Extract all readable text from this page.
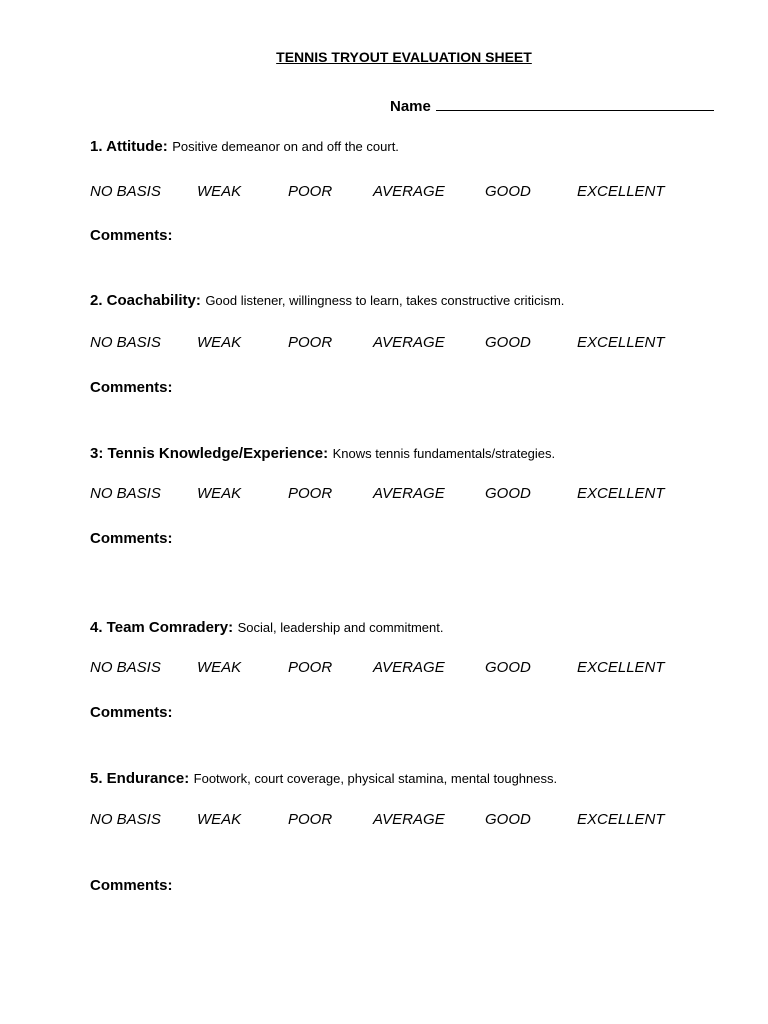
TENNIS TRYOUT EVALUATION SHEET
Name
1. Attitude: Positive demeanor on and off the court.
NO BASIS WEAK	POOR	AVERAGE	GOOD	EXCELLENT
Comments:
2. Coachability: Good listener, willingness to learn, takes constructive criticism.
NO BASIS WEAK	POOR	AVERAGE	GOOD	EXCELLENT
Comments:
3: Tennis Knowledge/Experience: Knows tennis fundamentals/strategies.
NO BASIS WEAK	POOR	AVERAGE	GOOD	EXCELLENT
Comments:
4. Team Comradery: Social, leadership and commitment.
NO BASIS WEAK	POOR	AVERAGE	GOOD	EXCELLENT
Comments:
5. Endurance: Footwork, court coverage, physical stamina, mental toughness.
NO BASIS WEAK	POOR	AVERAGE	GOOD	EXCELLENT
Comments:
